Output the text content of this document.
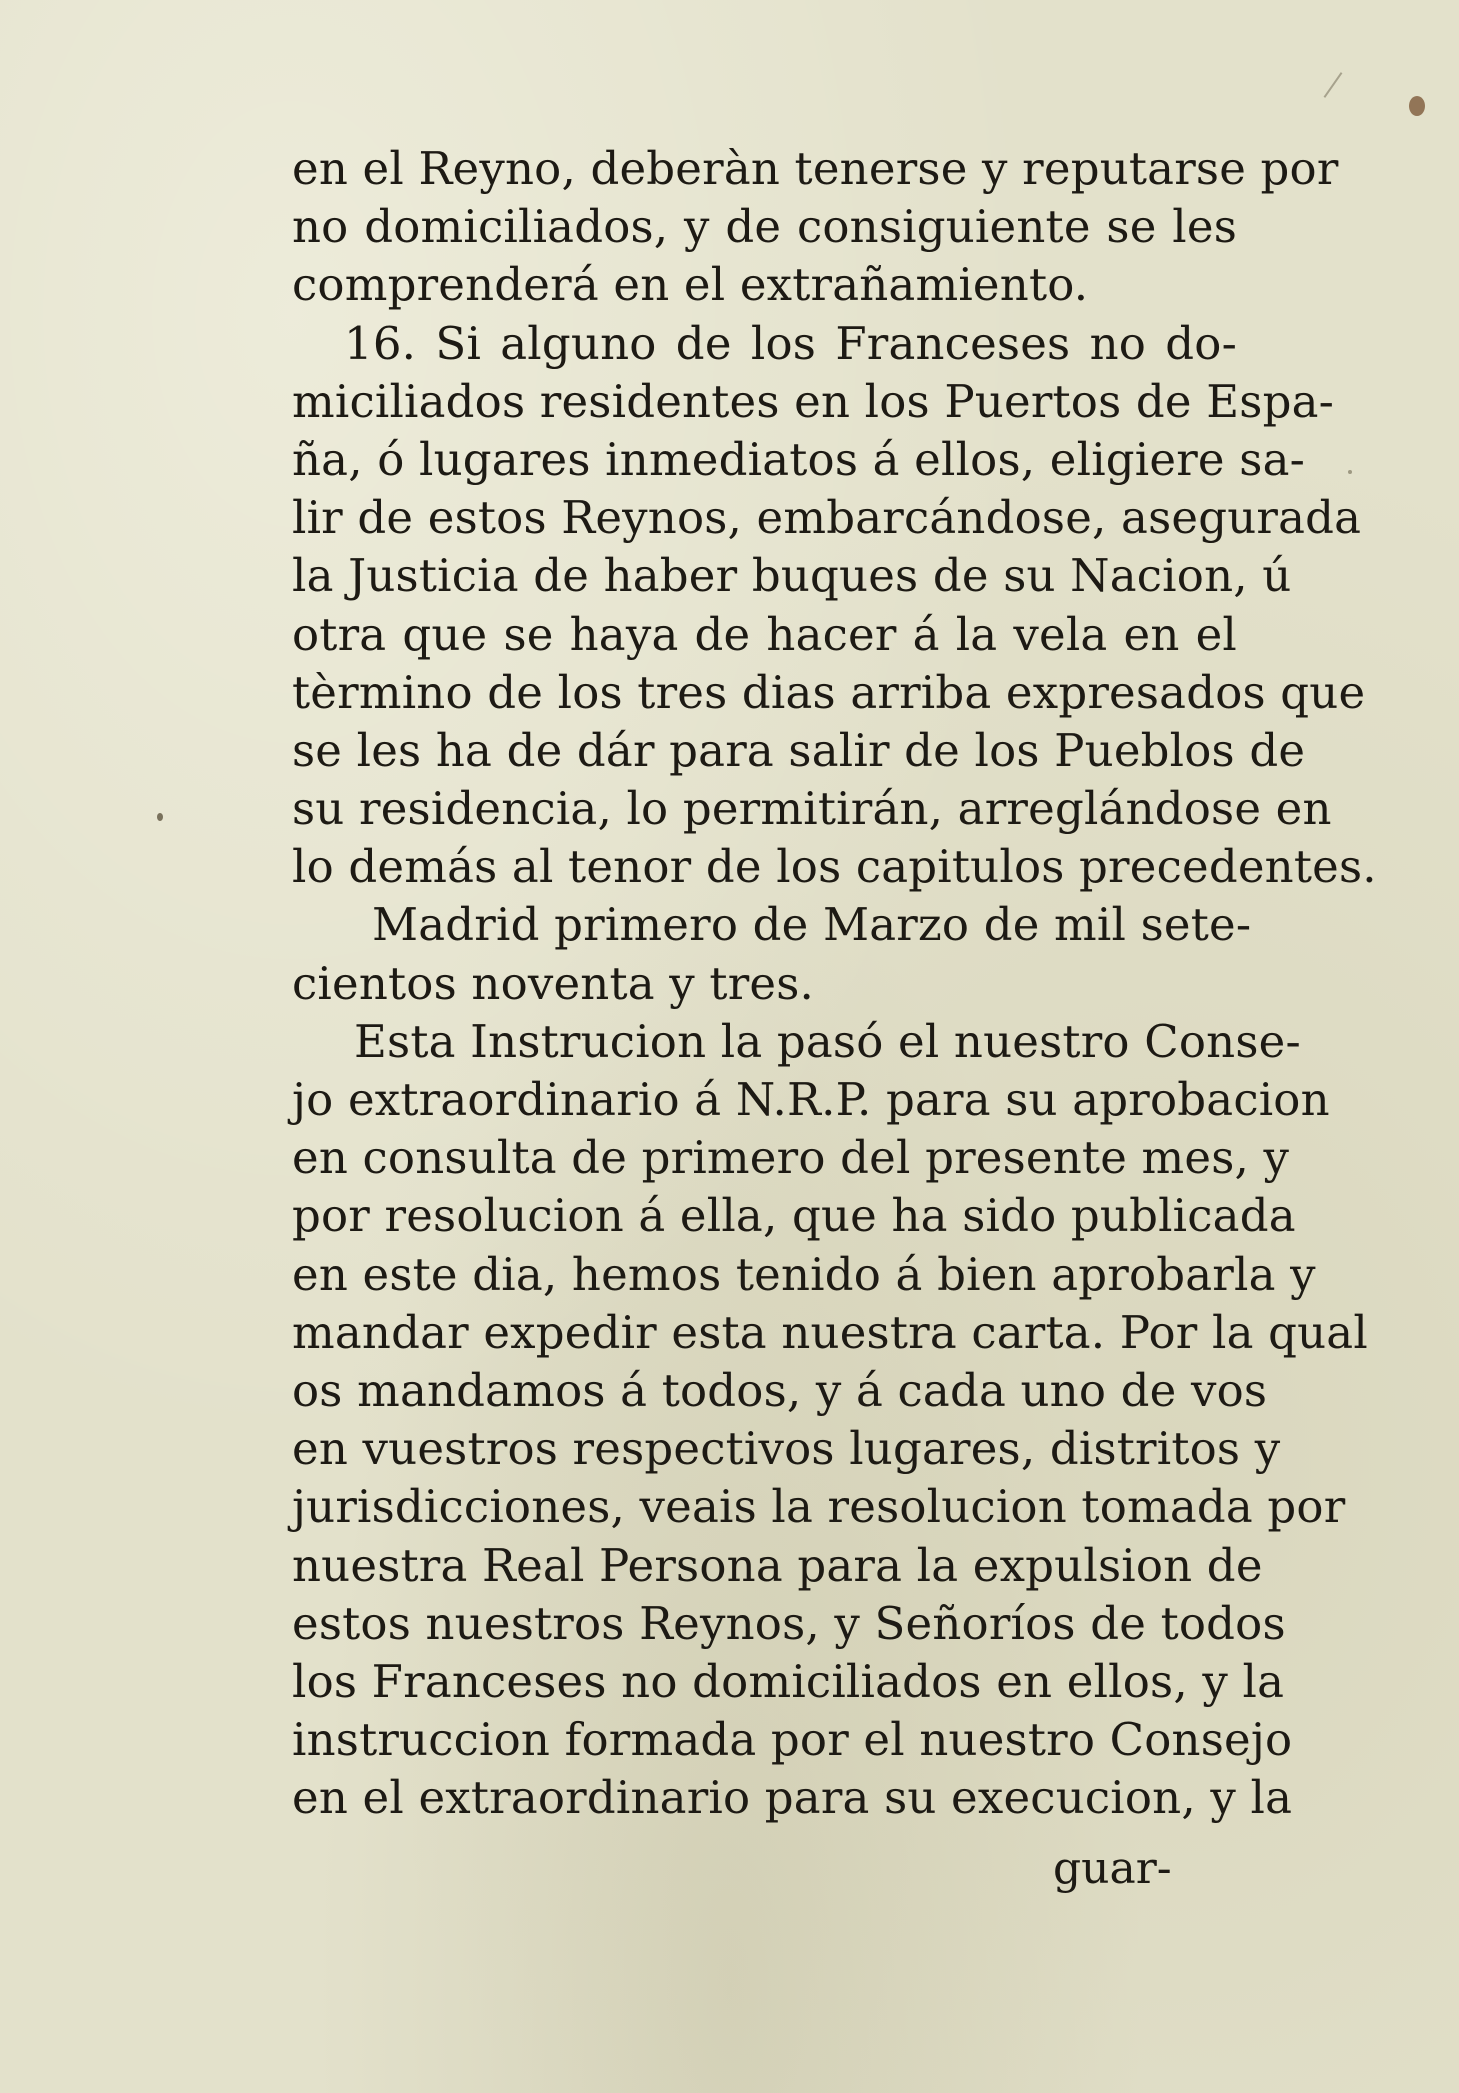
en el Reyno, deberàn tenerse y reputarse por
no domiciliados, y de consiguiente se les
comprenderá en el extrañamiento.
16. Si alguno de los Franceses no do-
miciliados residentes en los Puertos de Espa-
ña, ó lugares inmediatos á ellos, eligiere sa-
lir de estos Reynos, embarcándose, asegurada
la Justicia de haber buques de su Nacion, ú
otra que se haya de hacer á la vela en el
tèrmino de los tres dias arriba expresados que
se les ha de dár para salir de los Pueblos de
su residencia, lo permitirán, arreglándose en
lo demás al tenor de los capitulos precedentes.
Madrid primero de Marzo de mil sete-
cientos noventa y tres.
Esta Instrucion la pasó el nuestro Conse-
jo extraordinario á N.R.P. para su aprobacion
en consulta de primero del presente mes, y
por resolucion á ella, que ha sido publicada
en este dia, hemos tenido á bien aprobarla y
mandar expedir esta nuestra carta. Por la qual
os mandamos á todos, y á cada uno de vos
en vuestros respectivos lugares, distritos y
jurisdicciones, veais la resolucion tomada por
nuestra Real Persona para la expulsion de
estos nuestros Reynos, y Señoríos de todos
los Franceses no domiciliados en ellos, y la
instruccion formada por el nuestro Consejo
en el extraordinario para su execucion, y la
guar-
